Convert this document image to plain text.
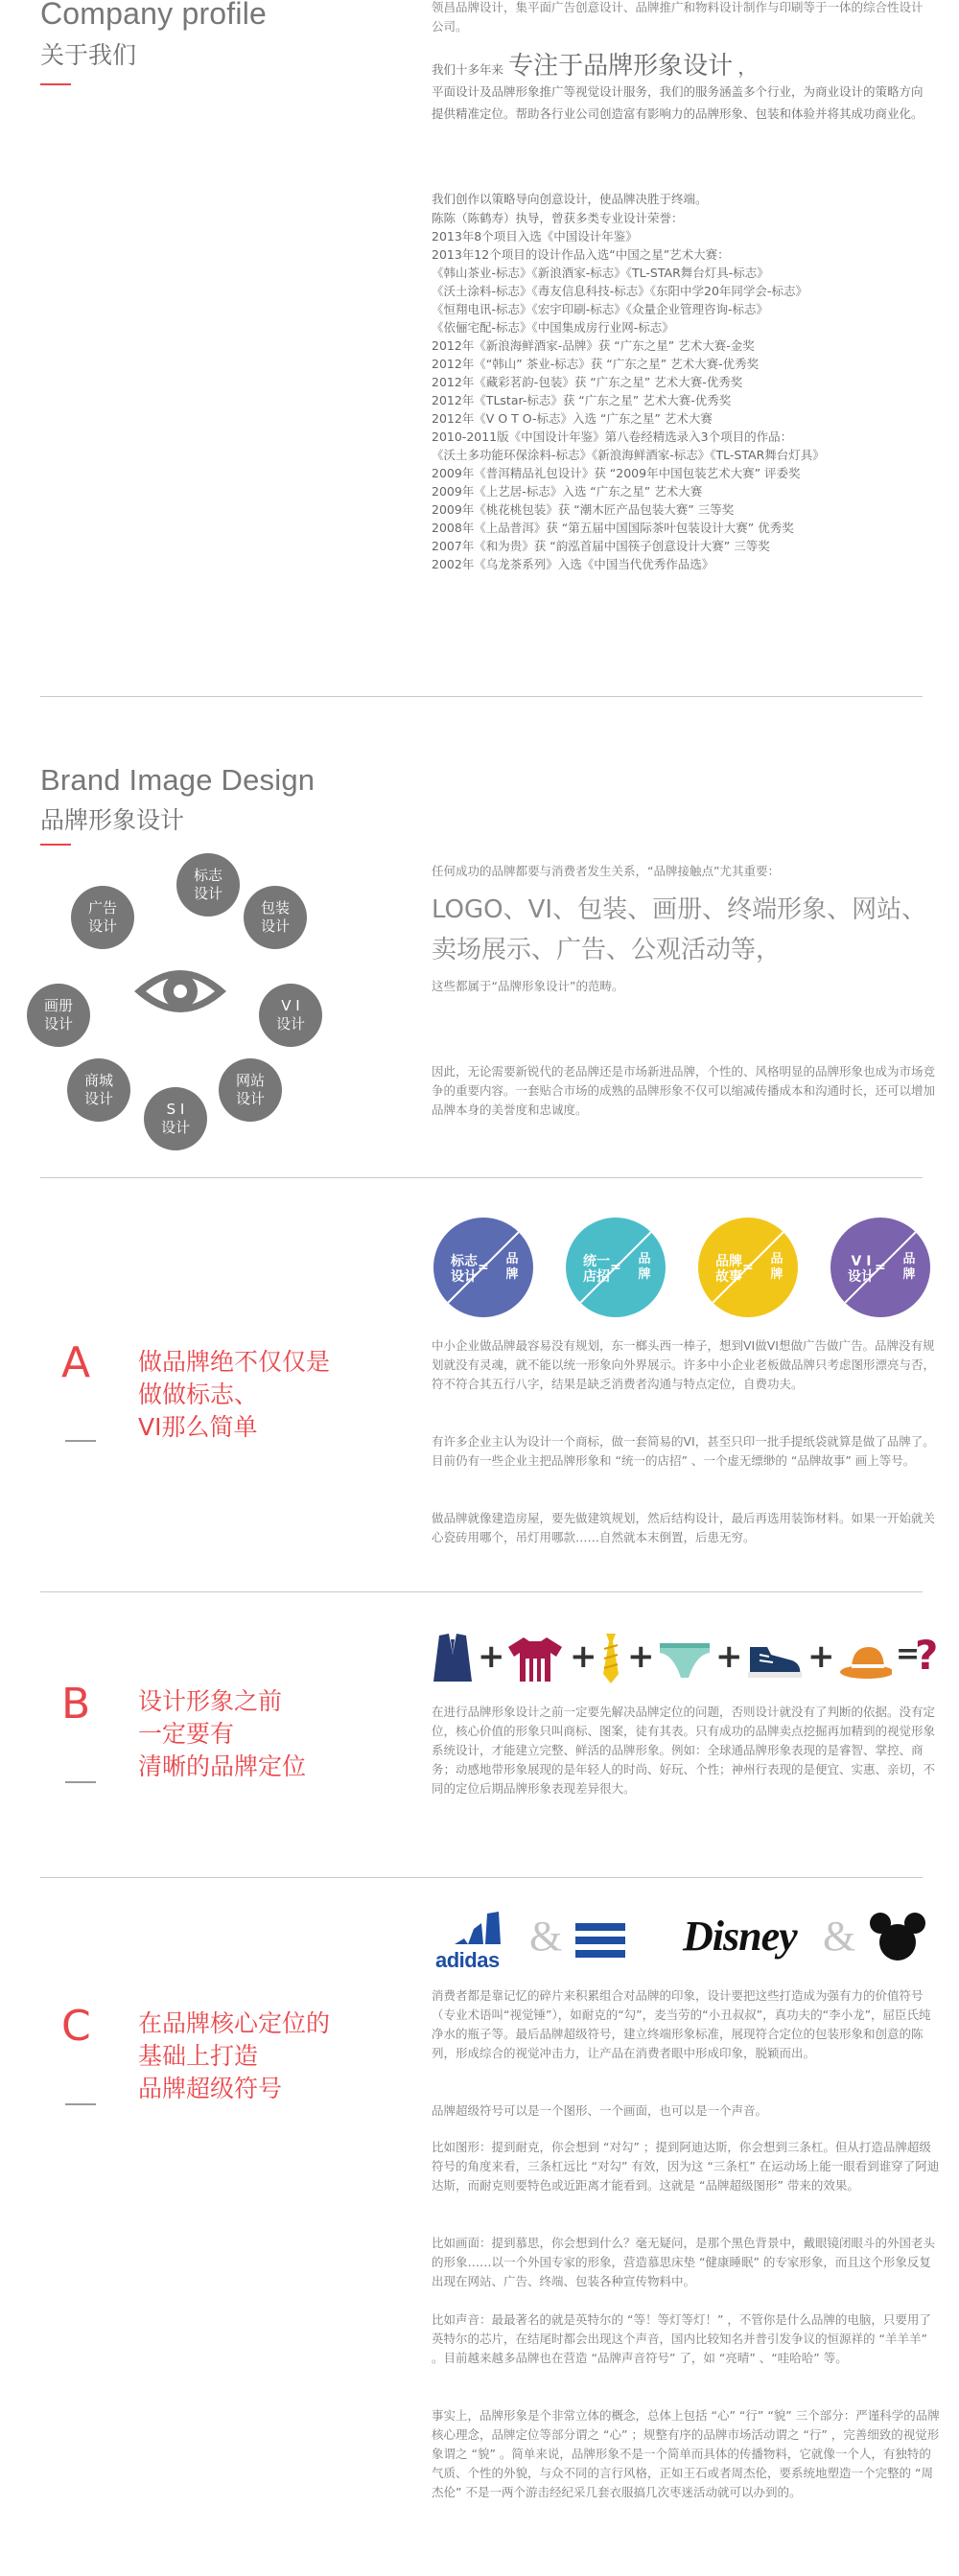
Company profile
关于我们
领昌品牌设计，集平面广告创意设计、品牌推广和物料设计制作与印刷等于一体的综合性设计公司。
我们十多年来 专注于品牌形象设计 ，
平面设计及品牌形象推广等视觉设计服务，我们的服务涵盖多个行业，为商业设计的策略方向提供精准定位。帮助各行业公司创造富有影响力的品牌形象、包装和体验并将其成功商业化。
我们创作以策略导向创意设计，使品牌决胜于终端。
陈陈（陈鹤寿）执导，曾获多类专业设计荣誉：
2013年8个项目入选《中国设计年鉴》
2013年12个项目的设计作品入选“中国之星”艺术大赛：
《韩山茶业-标志》《新浪酒家-标志》《TL-STAR舞台灯具-标志》
《沃土涂料-标志》《毒友信息科技-标志》《东阳中学20年同学会-标志》
《恒翔电讯-标志》《宏宇印刷-标志》《众量企业管理咨询-标志》
《依俪宅配-标志》《中国集成房行业网-标志》
2012年《新浪海鲜酒家-品牌》获 “广东之星” 艺术大赛-金奖
2012年《“韩山” 茶业-标志》获 “广东之星” 艺术大赛-优秀奖
2012年《藏彩茗韵-包装》获 “广东之星” 艺术大赛-优秀奖
2012年《TLstar-标志》获 “广东之星” 艺术大赛-优秀奖
2012年《V O T O-标志》入选 “广东之星” 艺术大赛
2010-2011版《中国设计年鉴》第八卷经精选录入3个项目的作品：
《沃土多功能环保涂料-标志》《新浪海鲜酒家-标志》《TL-STAR舞台灯具》
2009年《普洱精品礼包设计》获 “2009年中国包装艺术大赛” 评委奖
2009年《上艺居-标志》入选 “广东之星” 艺术大赛
2009年《桃花桃包装》获 “潮木匠产品包装大赛” 三等奖
2008年《上品普洱》获 “第五届中国国际茶叶包装设计大赛” 优秀奖
2007年《和为贵》获 “韵泓首届中国筷子创意设计大赛” 三等奖
2002年《乌龙茶系列》入选《中国当代优秀作品选》
Brand Image Design
品牌形象设计
标志
设计
包装
设计
V I
设计
网站
设计
S I
设计
商城
设计
画册
设计
广告
设计
任何成功的品牌都要与消费者发生关系，“品牌接触点”尤其重要：
LOGO、VI、包装、画册、终端形象、网站、卖场展示、广告、公观活动等，
这些都属于“品牌形象设计”的范畴。
因此，无论需要新锐代的老品牌还是市场新进品牌，个性的、风格明显的品牌形象也成为市场竞争的重要内容。一套贴合市场的成熟的品牌形象不仅可以缩减传播成本和沟通时长，还可以增加品牌本身的美誉度和忠诚度。
A 做品牌绝不仅仅是
做做标志、
VI那么简单
标志
设计
≠
品
牌
统一
店招
≠
品
牌
品牌
故事
≠
品
牌
V I
设计
≠
品
牌
中小企业做品牌最容易没有规划，东一榔头西一棒子，想到VI做VI想做广告做广告。品牌没有规划就没有灵魂，就不能以统一形象向外界展示。许多中小企业老板做品牌只考虑图形漂亮与否，符不符合其五行八字，结果是缺乏消费者沟通与特点定位，自费功夫。
有许多企业主认为设计一个商标，做一套简易的VI，甚至只印一批手提纸袋就算是做了品牌了。目前仍有一些企业主把品牌形象和 “统一的店招” 、一个虚无缥缈的 “品牌故事” 画上等号。
做品牌就像建造房屋，要先做建筑规划，然后结构设计，最后再选用装饰材料。如果一开始就关心瓷砖用哪个，吊灯用哪款……自然就本末倒置，后患无穷。
B 设计形象之前
一定要有
清晰的品牌定位
+ + + + + =
?
在进行品牌形象设计之前一定要先解决品牌定位的问题，否则设计就没有了判断的依据。没有定位，核心价值的形象只叫商标、图案，徒有其表。只有成功的品牌卖点挖掘再加精到的视觉形象系统设计，才能建立完整、鲜活的品牌形象。例如：全球通品牌形象表现的是睿智、掌控、商务；动感地带形象展现的是年轻人的时尚、好玩、个性；神州行表现的是便宜、实惠、亲切，不同的定位后期品牌形象表现差异很大。
C 在品牌核心定位的
基础上打造
品牌超级符号
adidas
&	Disney &
消费者都是靠记忆的碎片来积累组合对品牌的印象，设计要把这些打造成为强有力的价值符号（专业术语叫“视觉锤”），如耐克的“勾”，麦当劳的“小丑叔叔”，真功夫的“李小龙”，屈臣氏纯净水的瓶子等。最后品牌超级符号，建立终端形象标准，展现符合定位的包装形象和创意的陈列，形成综合的视觉冲击力，让产品在消费者眼中形成印象，脱颖而出。
品牌超级符号可以是一个图形、一个画面，也可以是一个声音。
比如图形：提到耐克，你会想到 “对勾” ；提到阿迪达斯，你会想到三条杠。但从打造品牌超级符号的角度来看，三条杠远比 “对勾” 有效，因为这 “三条杠” 在运动场上能一眼看到谁穿了阿迪达斯，而耐克则要特色或近距离才能看到。这就是 “品牌超级图形” 带来的效果。
比如画面：提到慕思，你会想到什么？毫无疑问，是那个黑色背景中，戴眼镜闭眼斗的外国老头的形象……以一个外国专家的形象，营造慕思床垫 “健康睡眠” 的专家形象，而且这个形象反复出现在网站、广告、终端、包装各种宣传物料中。
比如声音：最最著名的就是英特尔的 “等！等灯等灯！” ，不管你是什么品牌的电脑，只要用了英特尔的芯片，在结尾时都会出现这个声音，国内比较知名并普引发争议的恒源祥的 “羊羊羊” 。目前越来越多品牌也在营造 “品牌声音符号” 了，如 “亮晴” 、“哇哈哈” 等。
事实上，品牌形象是个非常立体的概念，总体上包括 “心” “行” “貌” 三个部分：严谨科学的品牌核心理念，品牌定位等部分谓之 “心” ；规整有序的品牌市场活动谓之 “行” ，完善细致的视觉形象谓之 “貌” 。简单来说，品牌形象不是一个简单而具体的传播物料，它就像一个人，有独特的气质、个性的外貌，与众不同的言行风格，正如王石或者周杰伦，要系统地塑造一个完整的 “周杰伦” 不是一两个游击经纪采几套衣服搞几次枣迷活动就可以办到的。
